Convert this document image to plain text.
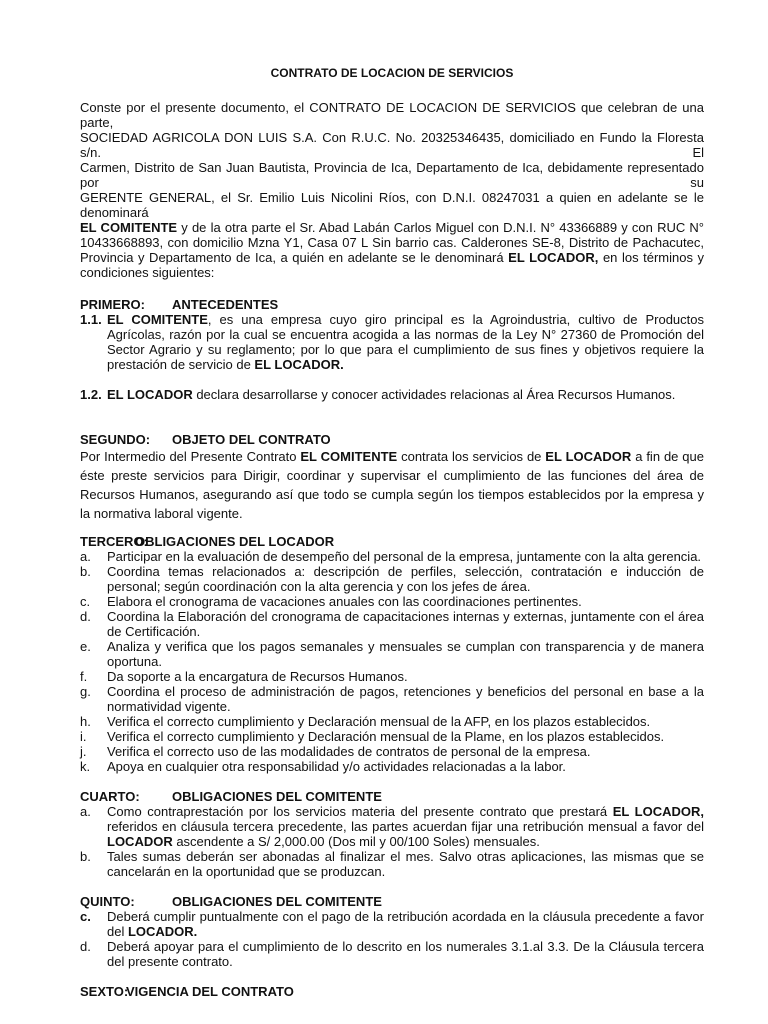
CONTRATO DE LOCACION DE SERVICIOS
Conste por el presente documento, el CONTRATO DE LOCACION DE SERVICIOS que celebran de una parte,
SOCIEDAD AGRICOLA DON LUIS S.A. Con R.U.C. No. 20325346435, domiciliado en Fundo la Floresta s/n. El
Carmen, Distrito de San Juan Bautista, Provincia de Ica, Departamento de Ica, debidamente representado por su
GERENTE GENERAL, el Sr. Emilio Luis Nicolini Ríos, con D.N.I. 08247031 a quien en adelante se le denominará
EL COMITENTE y de la otra parte el Sr. Abad Labán Carlos Miguel con D.N.I. N° 43366889 y con RUC N°
10433668893, con domicilio Mzna Y1, Casa 07 L Sin barrio cas. Calderones SE-8, Distrito de Pachacutec,
Provincia y Departamento de Ica, a quién en adelante se le denominará EL LOCADOR, en los términos y
condiciones siguientes:
PRIMERO:	ANTECEDENTES
1.1. EL COMITENTE, es una empresa cuyo giro principal es la Agroindustria, cultivo de Productos Agrícolas, razón por la cual se encuentra acogida a las normas de la Ley N° 27360 de Promoción del Sector Agrario y su reglamento; por lo que para el cumplimiento de sus fines y objetivos requiere la prestación de servicio de EL LOCADOR.
1.2. EL LOCADOR declara desarrollarse y conocer actividades relacionas al Área Recursos Humanos.
SEGUNDO:	OBJETO DEL CONTRATO
Por Intermedio del Presente Contrato EL COMITENTE contrata los servicios de EL LOCADOR a fin de que éste preste servicios para Dirigir, coordinar y supervisar el cumplimiento de las funciones del área de Recursos Humanos, asegurando así que todo se cumpla según los tiempos establecidos por la empresa y la normativa laboral vigente.
TERCERO:
OBLIGACIONES DEL LOCADOR
a.	Participar en la evaluación de desempeño del personal de la empresa, juntamente con la alta gerencia.
b.	Coordina temas relacionados a: descripción de perfiles, selección, contratación e inducción de personal; según coordinación con la alta gerencia y con los jefes de área.
c.	Elabora el cronograma de vacaciones anuales con las coordinaciones pertinentes.
d.	Coordina la Elaboración del cronograma de capacitaciones internas y externas, juntamente con el área de Certificación.
e.	Analiza y verifica que los pagos semanales y mensuales se cumplan con transparencia y de manera oportuna.
f.	Da soporte a la encargatura de Recursos Humanos.
g.	Coordina el proceso de administración de pagos, retenciones y beneficios del personal en base a la normatividad vigente.
h.	Verifica el correcto cumplimiento y Declaración mensual de la AFP, en los plazos establecidos.
i.	Verifica el correcto cumplimiento y Declaración mensual de la Plame, en los plazos establecidos.
j.	Verifica el correcto uso de las modalidades de contratos de personal de la empresa.
k.	Apoya en cualquier otra responsabilidad y/o actividades relacionadas a la labor.
CUARTO:	OBLIGACIONES DEL COMITENTE
a.	Como contraprestación por los servicios materia del presente contrato que prestará EL LOCADOR, referidos en cláusula tercera precedente, las partes acuerdan fijar una retribución mensual a favor del LOCADOR ascendente a S/ 2,000.00 (Dos mil y 00/100 Soles) mensuales.
b.	Tales sumas deberán ser abonadas al finalizar el mes. Salvo otras aplicaciones, las mismas que se cancelarán en la oportunidad que se produzcan.
QUINTO:	OBLIGACIONES DEL COMITENTE
c.	Deberá cumplir puntualmente con el pago de la retribución acordada en la cláusula precedente a favor del LOCADOR.
d.	Deberá apoyar para el cumplimiento de lo descrito en los numerales 3.1.al 3.3. De la Cláusula tercera del presente contrato.
SEXTO:
VIGENCIA DEL CONTRATO
